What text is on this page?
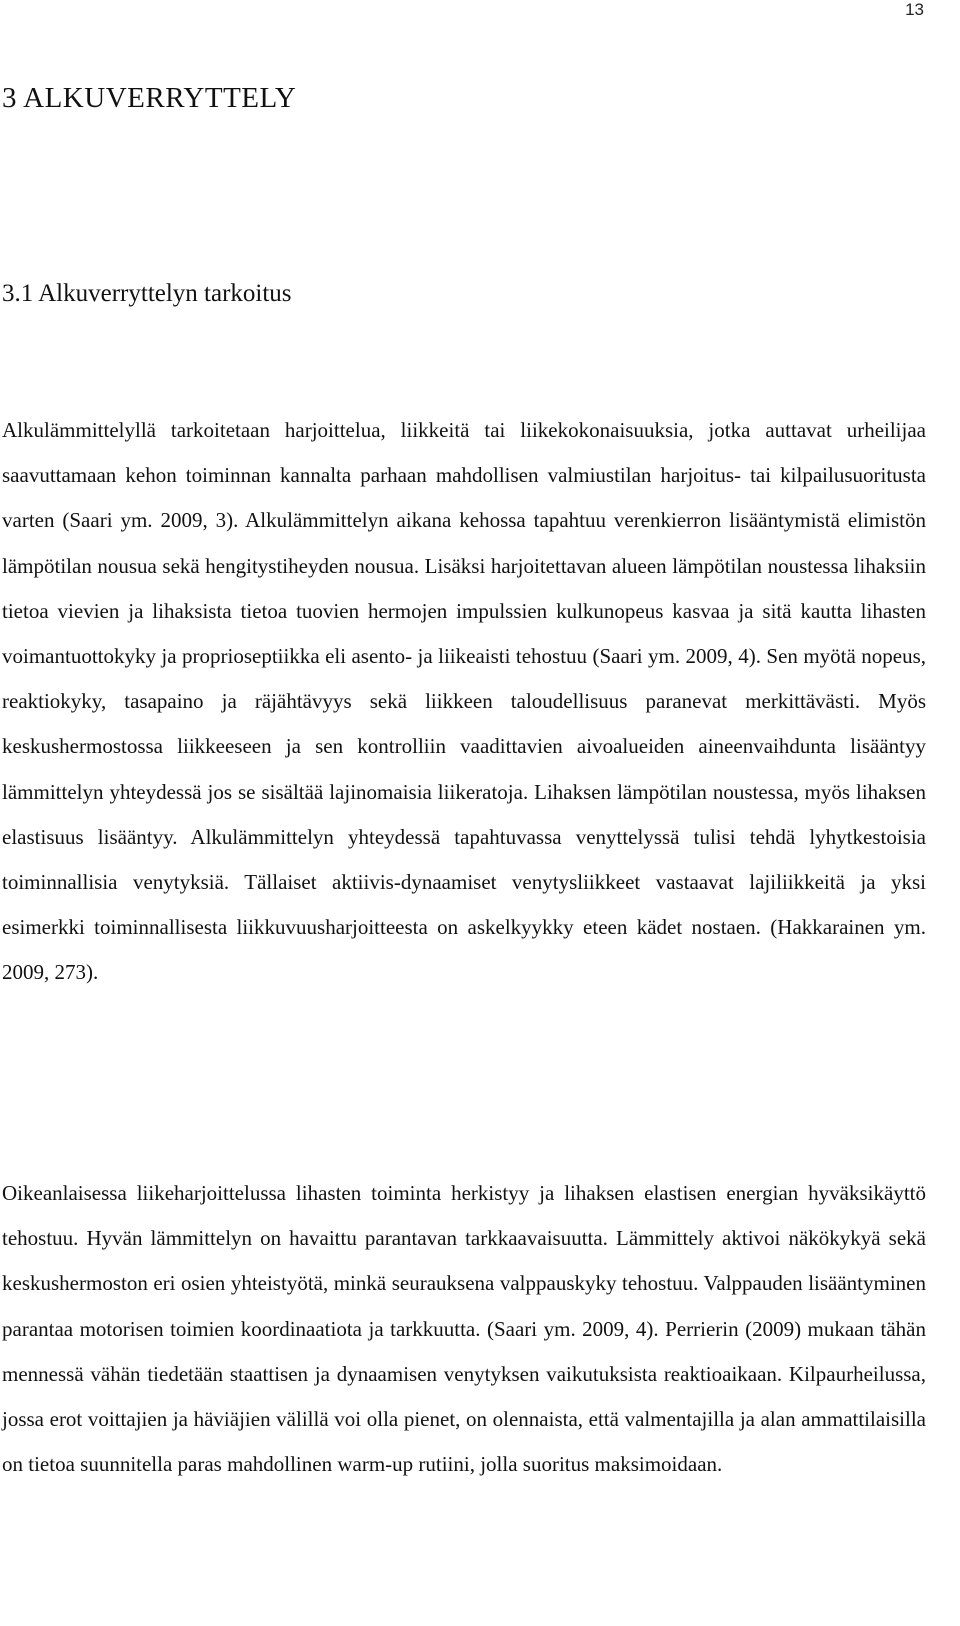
13
3 ALKUVERRYTTELY
3.1 Alkuverryttelyn tarkoitus

Alkulämmittelyllä tarkoitetaan harjoittelua, liikkeitä tai liikekokonaisuuksia, jotka auttavat urheilijaa saavuttamaan kehon toiminnan kannalta parhaan mahdollisen valmiustilan harjoitus- tai kilpailusuoritusta varten (Saari ym. 2009, 3). Alkulämmittelyn aikana kehossa tapahtuu verenkierron lisääntymistä elimistön lämpötilan nousua sekä hengitystiheyden nousua. Lisäksi harjoitettavan alueen lämpötilan noustessa lihaksiin tietoa vievien ja lihaksista tietoa tuovien hermojen impulssien kulkunopeus kasvaa ja sitä kautta lihasten voimantuottokyky ja proprioseptiikka eli asento- ja liikeaisti tehostuu (Saari ym. 2009, 4). Sen myötä nopeus, reaktiokyky, tasapaino ja räjähtävyys sekä liikkeen taloudellisuus paranevat merkittävästi. Myös keskushermostossa liikkeeseen ja sen kontrolliin vaadittavien aivoalueiden aineenvaihdunta lisääntyy lämmittelyn yhteydessä jos se sisältää lajinomaisia liikeratoja. Lihaksen lämpötilan noustessa, myös lihaksen elastisuus lisääntyy. Alkulämmittelyn yhteydessä tapahtuvassa venyttelyssä tulisi tehdä lyhytkestoisia toiminnallisia venytyksiä. Tällaiset aktiivis-dynaamiset venytysliikkeet vastaavat lajiliikkeitä ja yksi esimerkki toiminnallisesta liikkuvuusharjoitteesta on askelkyykky eteen kädet nostaen. (Hakkarainen ym. 2009, 273).

Oikeanlaisessa liikeharjoittelussa lihasten toiminta herkistyy ja lihaksen elastisen energian hyväksikäyttö tehostuu. Hyvän lämmittelyn on havaittu parantavan tarkkaavaisuutta. Lämmittely aktivoi näkökykyä sekä keskushermoston eri osien yhteistyötä, minkä seurauksena valppauskyky tehostuu. Valppauden lisääntyminen parantaa motorisen toimien koordinaatiota ja tarkkuutta. (Saari ym. 2009, 4). Perrierin (2009) mukaan tähän mennessä vähän tiedetään staattisen ja dynaamisen venytyksen vaikutuksista reaktioaikaan. Kilpaurheilussa, jossa erot voittajien ja häviäjien välillä voi olla pienet, on olennaista, että valmentajilla ja alan ammattilaisilla on tietoa suunnitella paras mahdollinen warm-up rutiini, jolla suoritus maksimoidaan.
